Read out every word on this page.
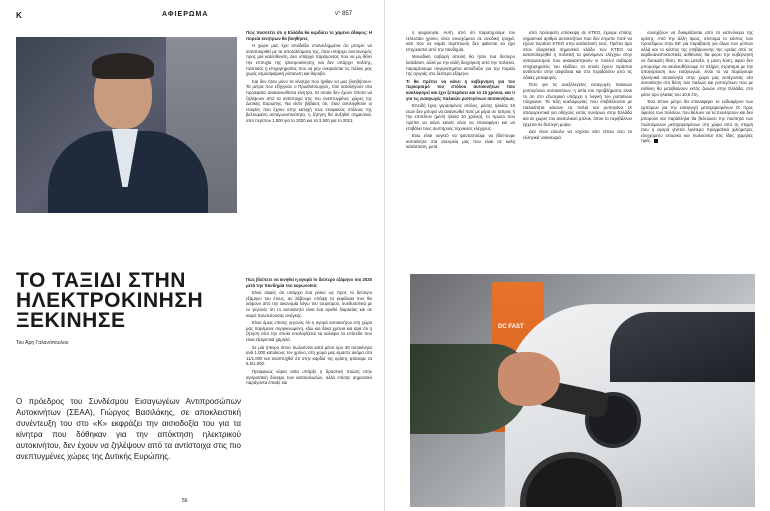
K	ΑΦΙΕΡΩΜΑ	ν° 857

Πώς ποσοτέτε ότι η Ελλάδα θα κερδίσει το χαμένο έδαφος; Η πορεία κινήτρων θα βοηθήσει;

Η χώρα μας έχει αποδείξει επανειλημμένα ότι μπορεί να ανταποκριθεί με τα αποτελέσματα της, όταν υπάρχει συντονισμός προς μία κατεύθυνση. Δεν υπάρχει παράγοντας που να μη θέλει την επιτυχία της ηλεκτροκίνησης και δεν υπάρχει πολίτης, πολιτικός ή επιχειρηματίας που να μην ονειρεύεται τις πόλεις μας χωρίς ατμοσφαιρική ρύπανση και θόρυβο.

Και δεν ήταν μόνο τα κίνητρα που ήρθαν να μας βοηθήσουν. Τα μέτρα που εξήγγειλε ο Πρωθυπουργός, τότε καταλήγουν στα πρόσφατα ανακοινωθέντα κίνητρα, τα οποία δεν έχουν τίποτα να ζηλέψουν από τα αντίστοιχα στις πιο ανεπτυγμένες χώρες της Δυτικής Ευρώπης. Να είστε βέβαιος ότι, όταν αντιληφθούν οι εταιρίες που έχουν στην κατοχή τους εταιρικούς στόλους της βελτιωμένη ανταγωνιστικότητα, η ζήτηση θα αυξηθεί σημαντικά, από περίπου 1.500 για το 2020 και τα 3.500 για το 2021.

ΤΟ ΤΑΞΙΔΙ ΣΤΗΝ
ΗΛΕΚΤΡΟΚΙΝΗΣΗ
ΞΕΚΙΝΗΣΕ
Του Άρη Γαλανόπουλου

Πώς βλέπετε να κινηθεί η αγορά το δεύτερο εξάμηνο του 2020 μετά την πανδημία του κορωνοϊού;

Είναι σαφές ότι υπάρχει ένα ρίσκο ως προς το δεύτερο εξάμηνο του έτους, αν λάβουμε υπόψη τα κεφάλαια που θα λείψουν από την οικονομία λόγω του τουρισμού, συνδυαστικά με το γεγονός ότι το αυτοκίνητο είναι ένα αγαθό διαρκείας και σε καιρό πρωτεύουσας ανάγκης.

Είναι όμως επίσης γεγονός ότι η αγορά αυτοκινήτου στη χώρα μας παρέμεινε συρρικνωμένη, εδώ και δέκα χρόνια και άρα ότι η ζήτηση από την οποία υπολογίζεται να καλύψει τα επίπεδα που είναι εξαιρετικά χαμηλά.

Σε μία ήπειρο όπου πωλούνται κατά μέσο όρο 30 αυτοκίνητα ανά 1.000 κατοίκους τον χρόνο, στη χώρα μας είμαστε ακόμα στα 11/1.000 και αναπτυχθεί ότι στην καρδιά της κρίσης φτάσαμε τα 5,5/1.000.

Προφανώς κύρια αιτία υπήρξε η δραστική πτώση στην αγοραστική δύναμη των καταναλωτών, αλλά επίσης σημαντικό παράγοντα έπαιξε και

Ο πρόεδρος του Συνδέσμου Εισαγωγέων Αντιπροσώπων Αυτοκινήτων (ΣΕΑΑ), Γιώργος Βασιλάκης, σε αποκλειστική συνέντευξη του στο «Κ» εκφράζει την αισιοδοξία του για τα κίνητρα που δόθηκαν για την απόκτηση ηλεκτρικού αυτοκινήτου, δεν έχουν να ζηλέψουν από τα αντίστοιχα στις πιο ανεπτυγμένες χώρες της Δυτικής Ευρώπης.
56

η ψυχολογία. Αυτή, από ότι παρατηρούμε τον τελευταίο χρόνο, είναι συνεχόμενα σε ανοδική τροχιά, κάτι που σε καμία περίπτωση δεν φαίνεται να έχει επηρεαστεί από την πανδημία.

Μοναδική σοβαρή απειλή θα ήταν ένα δεύτερο lockdown, αλλά με την καλή διαχείριση από την πολιτεία, παραμένουμε συγκρατημένα αισιόδοξοι για την πορεία της αγοράς στο δεύτερο εξάμηνο.

Τι θα πρέπει να κάνει η κυβέρνηση για τον περιορισμό του στόλου αυτοκινήτων που κυκλοφορεί και έχει ξεπεράσει και τα 15 χρόνια, και τι για τις εισαγωγές παλαιών ρυπογόνων αυτοκινήτων;

Επειδή έχεις γερασμένος στόλος, μέσης ηλικίας 16 ετών δεν μπορεί να ανανεωθεί ποτέ με μέρα σε ταπρος ή την επιπλέον (μέση ηλικία 10 χρόνια), το πρώτο που πρέπει να κάνει κανείς είναι να επαναφέρει και να επιβάλει τους αυστηρούς τεχνικούς ελέγχους.

Ενώ είναι ουγκτό να φανταστούμε να βλέπουμε αυτοκίνητα στα ανευρεία μας που είναι σε καλή κατάσταση, μετά

από πρόσφατη επίσκεψη σε ΚΤΕΟ, έχουμε επίσης σημαντικό αριθμό αυτοκινήτων που δεν έπρεπε ποτέ να έχουν περάσει ΚΤΕΟ στην κατάστασή τους. Πρέπει άρα στον εξαιρετικά σημαντικό κλάδο των ΚΤΕΟ να καταπολεμηθεί η πολιτική τα φαινόμενα ελέγχου στην ανταγωνισμού που αναγκαστηκούν οι πολλοί σοβαροί επιχειρηματίες του κλάδου, τα οποία έχουν τεράστιο αντίκτυπο στην ασφάλεια και στο περιβάλλον από τις οδικές μεταφορές.

Όσο για τις ανεξέλεγκτες εισαγωγές παλαιών ρυπογόνων αυτοκινήτων, η αιτία του προβλήματος είναι το ότι στο εξωτερικό υπάρχει η λογική του ρυπαίνων πληρώνει. Τα τέλη κυκλοφορίας που επιβάλλονται με παλαιότητα κάνουν τα παλιά και ρυπογόνα ΙΧ απαγορευτικά για οδηγούς εκτός συνόρων στην Ελλάδα και σε χώρες του ανατολικού μπλοκ, όπου το περιβάλλον έρχεται σε δεύτερη μοίρα.

Δεν είναι εύκολο να ισχύσει κάτι τέτοιο όσο τα ελληνικά νοικοκυριά

συνεχίζουν να δοκιμάζονται από τα καπνόνερα της κρίσης. Από την άλλη όμως, σύντομα το κόστος των προσδιμων στην ΕΕ για παράβαση για όλων των ρύπων αλλά και το κόστος της επιβάρυνσης της υγείας από τις καρδιοαναπνευστικές ασθένειες θα φέρει την κυβέρνηση σε δύσκολη θέση. Εν τω μεταξύ, η μόνη λύση, αφού δεν μπορούμε να ακολουθήσουμε το πλήρες στρατημα με την απαγόρευση των εισαγωγών, είναι το να παράγουμε ηλεκτρικά αυτοκίνητα στην χώρα μας εισάγοντας νέα αυτοκίνητα στη θέση των παλιών και ρυπογόνων που με ευθύνη θα μεταβαίνουν εκτός ζωνών στην Ελλάδα, στο μέσο όρο ηλικίας του 10,6 έτη.

Ένα τέτοιο μέτρο θα επαναφέρει το ενδιαφέρον των εμπόρων για την εισαγωγή μεταχειρισμένων ΙΧ προς όφελος των πολιτών, που θέλουν να τα πουλήσουν και δεν μπορούν και παράλληλα θα βελτιώσει την ποιότητα των πωλούμενων μεταχειρισμένων στη χώρα από τη στιγμή που η αγορά γίνεται λιγότερο πραγματικά χιλιόμετρα, ελεγχόμενο ιστορικό και πωλούνται στις ίδιες χαμηλές τιμές.

DC FAST
